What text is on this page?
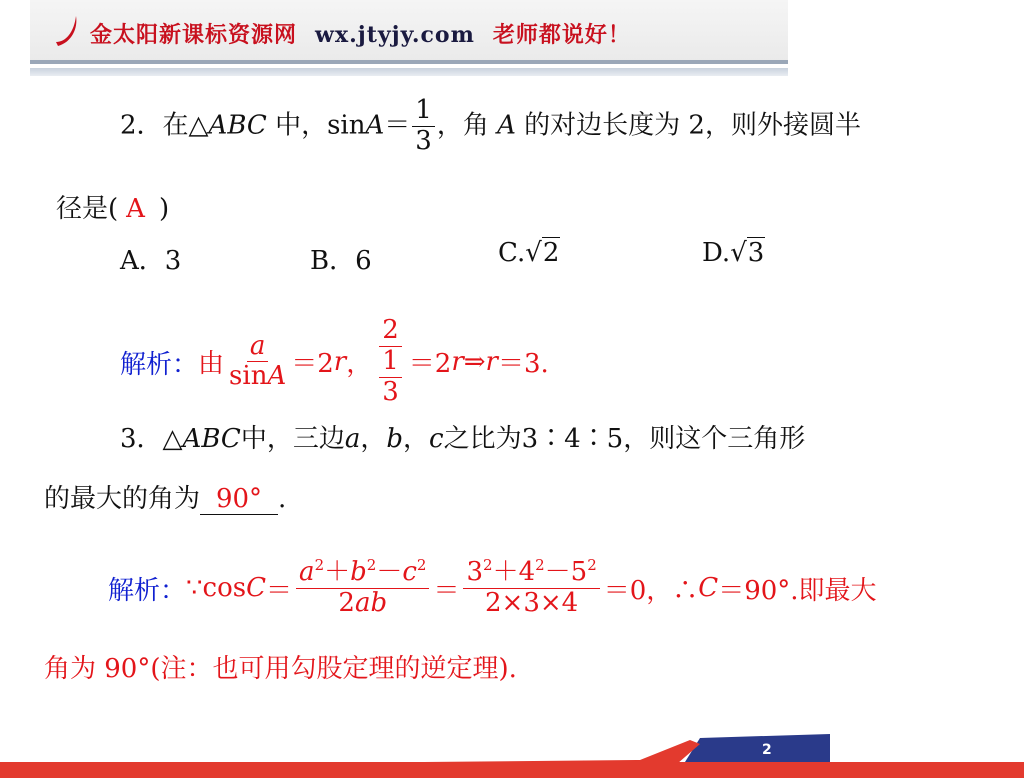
金太阳新课标资源网 wx.jtyjy.com 老师都说好！
2．在△ABC 中，$\sin A= \frac{1}{3}$ ，角 A 的对边长度为 2，则外接圆半
径是( A )
A．3	B．6	C.√2	D.√3
解析： 由 $\frac{a}{\sin A} =2$ r ， $\frac{2}{\frac{1}{3}} =2$ r ⇒ r ＝3.
3．△ABC中，三边a，b，c之比为3∶4∶5，则这个三角形
的最大的角为 90° .
解析： ∵cos $C = \frac{a^2+b^2-c^2}{2ab} = \frac{3^2+4^2-5^2}{2\times 3\times 4} =0$，∴ C ＝90°.即最大
角为 90°(注：也可用勾股定理的逆定理).
2
